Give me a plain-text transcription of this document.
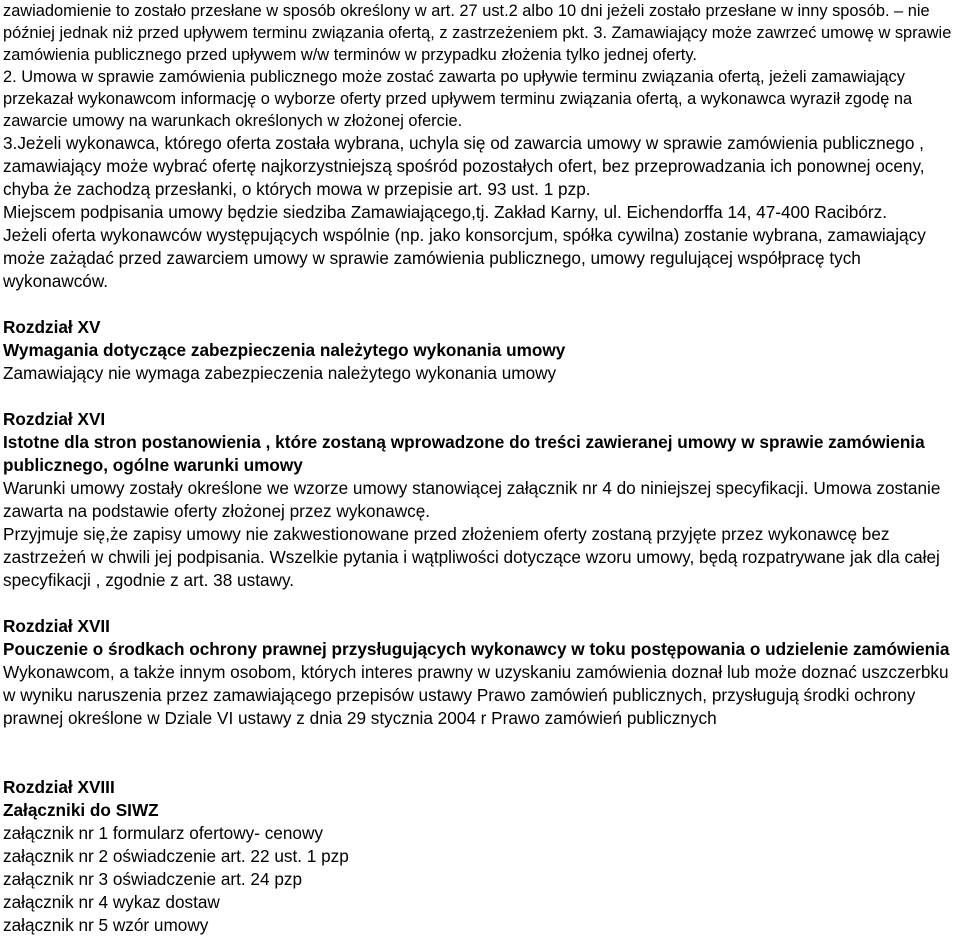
zawiadomienie to zostało przesłane w sposób określony w art. 27 ust.2 albo 10 dni jeżeli zostało przesłane w inny sposób. – nie później jednak niż przed upływem terminu związania ofertą, z zastrzeżeniem pkt. 3. Zamawiający może zawrzeć umowę w sprawie zamówienia publicznego przed upływem w/w terminów w przypadku złożenia tylko jednej oferty.

2. Umowa w sprawie zamówienia publicznego może zostać zawarta po upływie terminu związania ofertą, jeżeli zamawiający przekazał wykonawcom informację o wyborze oferty przed upływem terminu związania ofertą, a wykonawca wyraził zgodę na zawarcie umowy na warunkach określonych w złożonej ofercie.

3.Jeżeli wykonawca, którego oferta została wybrana, uchyla się od zawarcia umowy w sprawie zamówienia publicznego , zamawiający może wybrać ofertę najkorzystniejszą spośród pozostałych ofert, bez przeprowadzania ich ponownej oceny, chyba że zachodzą przesłanki, o których mowa w przepisie art. 93 ust. 1 pzp.

Miejscem podpisania umowy będzie siedziba Zamawiającego,tj. Zakład Karny, ul. Eichendorffa 14, 47-400 Racibórz.

Jeżeli oferta wykonawców występujących wspólnie (np. jako konsorcjum, spółka cywilna) zostanie wybrana, zamawiający może zażądać przed zawarciem umowy w sprawie zamówienia publicznego, umowy regulującej współpracę tych wykonawców.

Rozdział XV

Wymagania dotyczące zabezpieczenia należytego wykonania umowy

Zamawiający nie wymaga zabezpieczenia należytego wykonania umowy

Rozdział XVI

Istotne dla stron postanowienia , które zostaną wprowadzone do treści zawieranej umowy w sprawie zamówienia publicznego, ogólne warunki umowy

Warunki umowy zostały określone we wzorze umowy stanowiącej załącznik nr 4 do niniejszej specyfikacji. Umowa zostanie zawarta na podstawie oferty złożonej przez wykonawcę.

Przyjmuje się,że zapisy umowy nie zakwestionowane przed złożeniem oferty zostaną przyjęte przez wykonawcę bez zastrzeżeń w chwili jej podpisania. Wszelkie pytania i wątpliwości dotyczące wzoru umowy, będą rozpatrywane jak dla całej specyfikacji , zgodnie z art. 38 ustawy.

Rozdział XVII

Pouczenie o środkach ochrony prawnej przysługujących wykonawcy w toku postępowania o udzielenie zamówienia

Wykonawcom, a także innym osobom, których interes prawny w uzyskaniu zamówienia doznał lub może doznać uszczerbku w wyniku naruszenia przez zamawiającego przepisów ustawy Prawo zamówień publicznych, przysługują środki ochrony prawnej określone w Dziale VI ustawy z dnia 29 stycznia 2004 r Prawo zamówień publicznych

Rozdział XVIII

Załączniki do SIWZ

załącznik nr 1 formularz ofertowy- cenowy
załącznik nr 2 oświadczenie art. 22 ust. 1 pzp
załącznik nr 3 oświadczenie art. 24 pzp
załącznik nr 4 wykaz dostaw
załącznik nr 5 wzór umowy
